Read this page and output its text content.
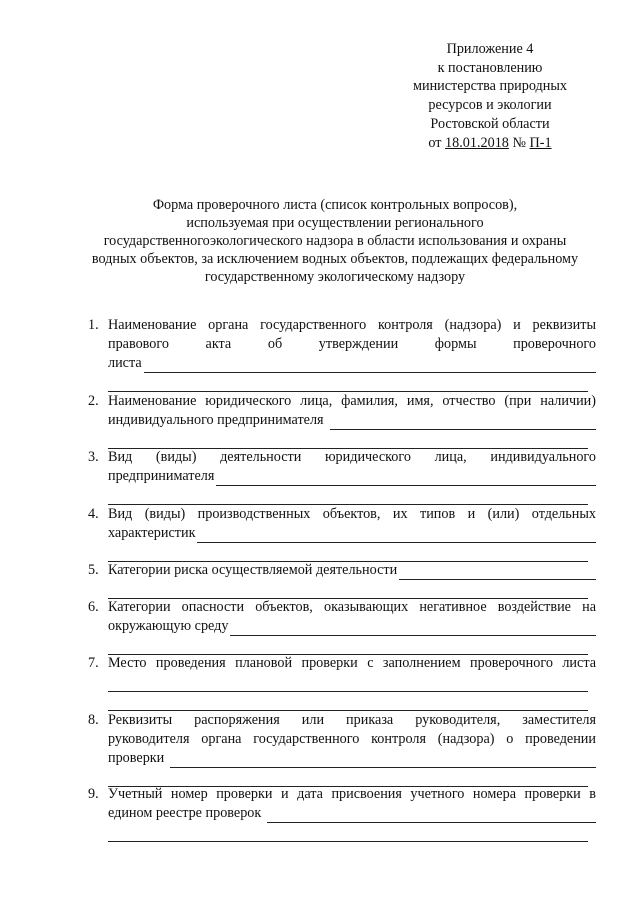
Приложение 4
к постановлению
министерства природных
ресурсов и экологии
Ростовской области
от 18.01.2018 № П-1
Форма проверочного листа (список контрольных вопросов),
используемая при осуществлении регионального
государственногоэкологического надзора в области использования и охраны
водных объектов, за исключением водных объектов, подлежащих федеральному
государственному экологическому надзору
1. Наименование органа государственного контроля (надзора) и реквизиты
правового акта об утверждении формы проверочного
листа
2. Наименование юридического лица, фамилия, имя, отчество (при наличии)
индивидуального предпринимателя
3. Вид (виды) деятельности юридического лица, индивидуального
предпринимателя
4. Вид (виды) производственных объектов, их типов и (или) отдельных
характеристик
5. Категории риска осуществляемой деятельности
6. Категории опасности объектов, оказывающих негативное воздействие на
окружающую среду
7. Место проведения плановой проверки с заполнением проверочного листа
8. Реквизиты распоряжения или приказа руководителя, заместителя
руководителя органа государственного контроля (надзора) о проведении
проверки
9. Учетный номер проверки и дата присвоения учетного номера проверки в
едином реестре проверок
